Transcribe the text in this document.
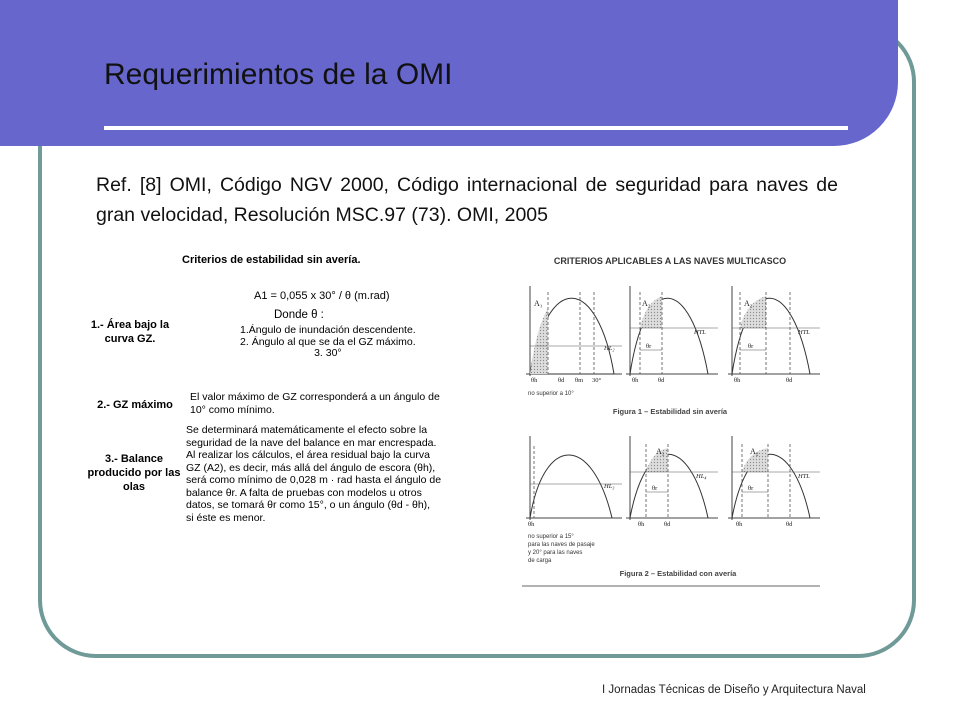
Requerimientos de la OMI
Ref. [8] OMI, Código NGV 2000, Código internacional de seguridad para naves de gran velocidad, Resolución MSC.97 (73). OMI, 2005
Criterios de estabilidad sin avería.
1.- Área bajo la curva GZ.
A1 = 0,055 x 30° / θ (m.rad)
Donde θ :
1.Ángulo de inundación descendente.
2. Ángulo al que se da el GZ máximo.
3. 30°
2.- GZ máximo
El valor máximo de GZ corresponderá a un ángulo de
10° como mínimo.
3.- Balance producido por las olas
Se determinará matemáticamente el efecto sobre la
seguridad de la nave del balance en mar encrespada.
Al realizar los cálculos, el área residual bajo la curva
GZ (A2), es decir, más allá del ángulo de escora (θh),
será como mínimo de 0,028 m · rad hasta el ángulo de
balance θr. A falta de pruebas con modelos u otros
datos, se tomará θr como 15°, o un ángulo (θd - θh),
si éste es menor.
CRITERIOS APLICABLES A LAS NAVES MULTICASCO
A₁
HL₂
θh	θd θm 30°
no superior a 10°
A₂
HTL
θr
θh	θd
A₂
HTL
θr
θh	θd
Figura 1 – Estabilidad sin avería
HL₃
θh
A₂
HL₄
θr
θh	θd
A₂
HTL
θr
θh	θd
no superior a 15° para las naves de pasaje y 20° para las naves de carga
Figura 2 – Estabilidad con avería
I Jornadas Técnicas de Diseño y Arquitectura Naval
